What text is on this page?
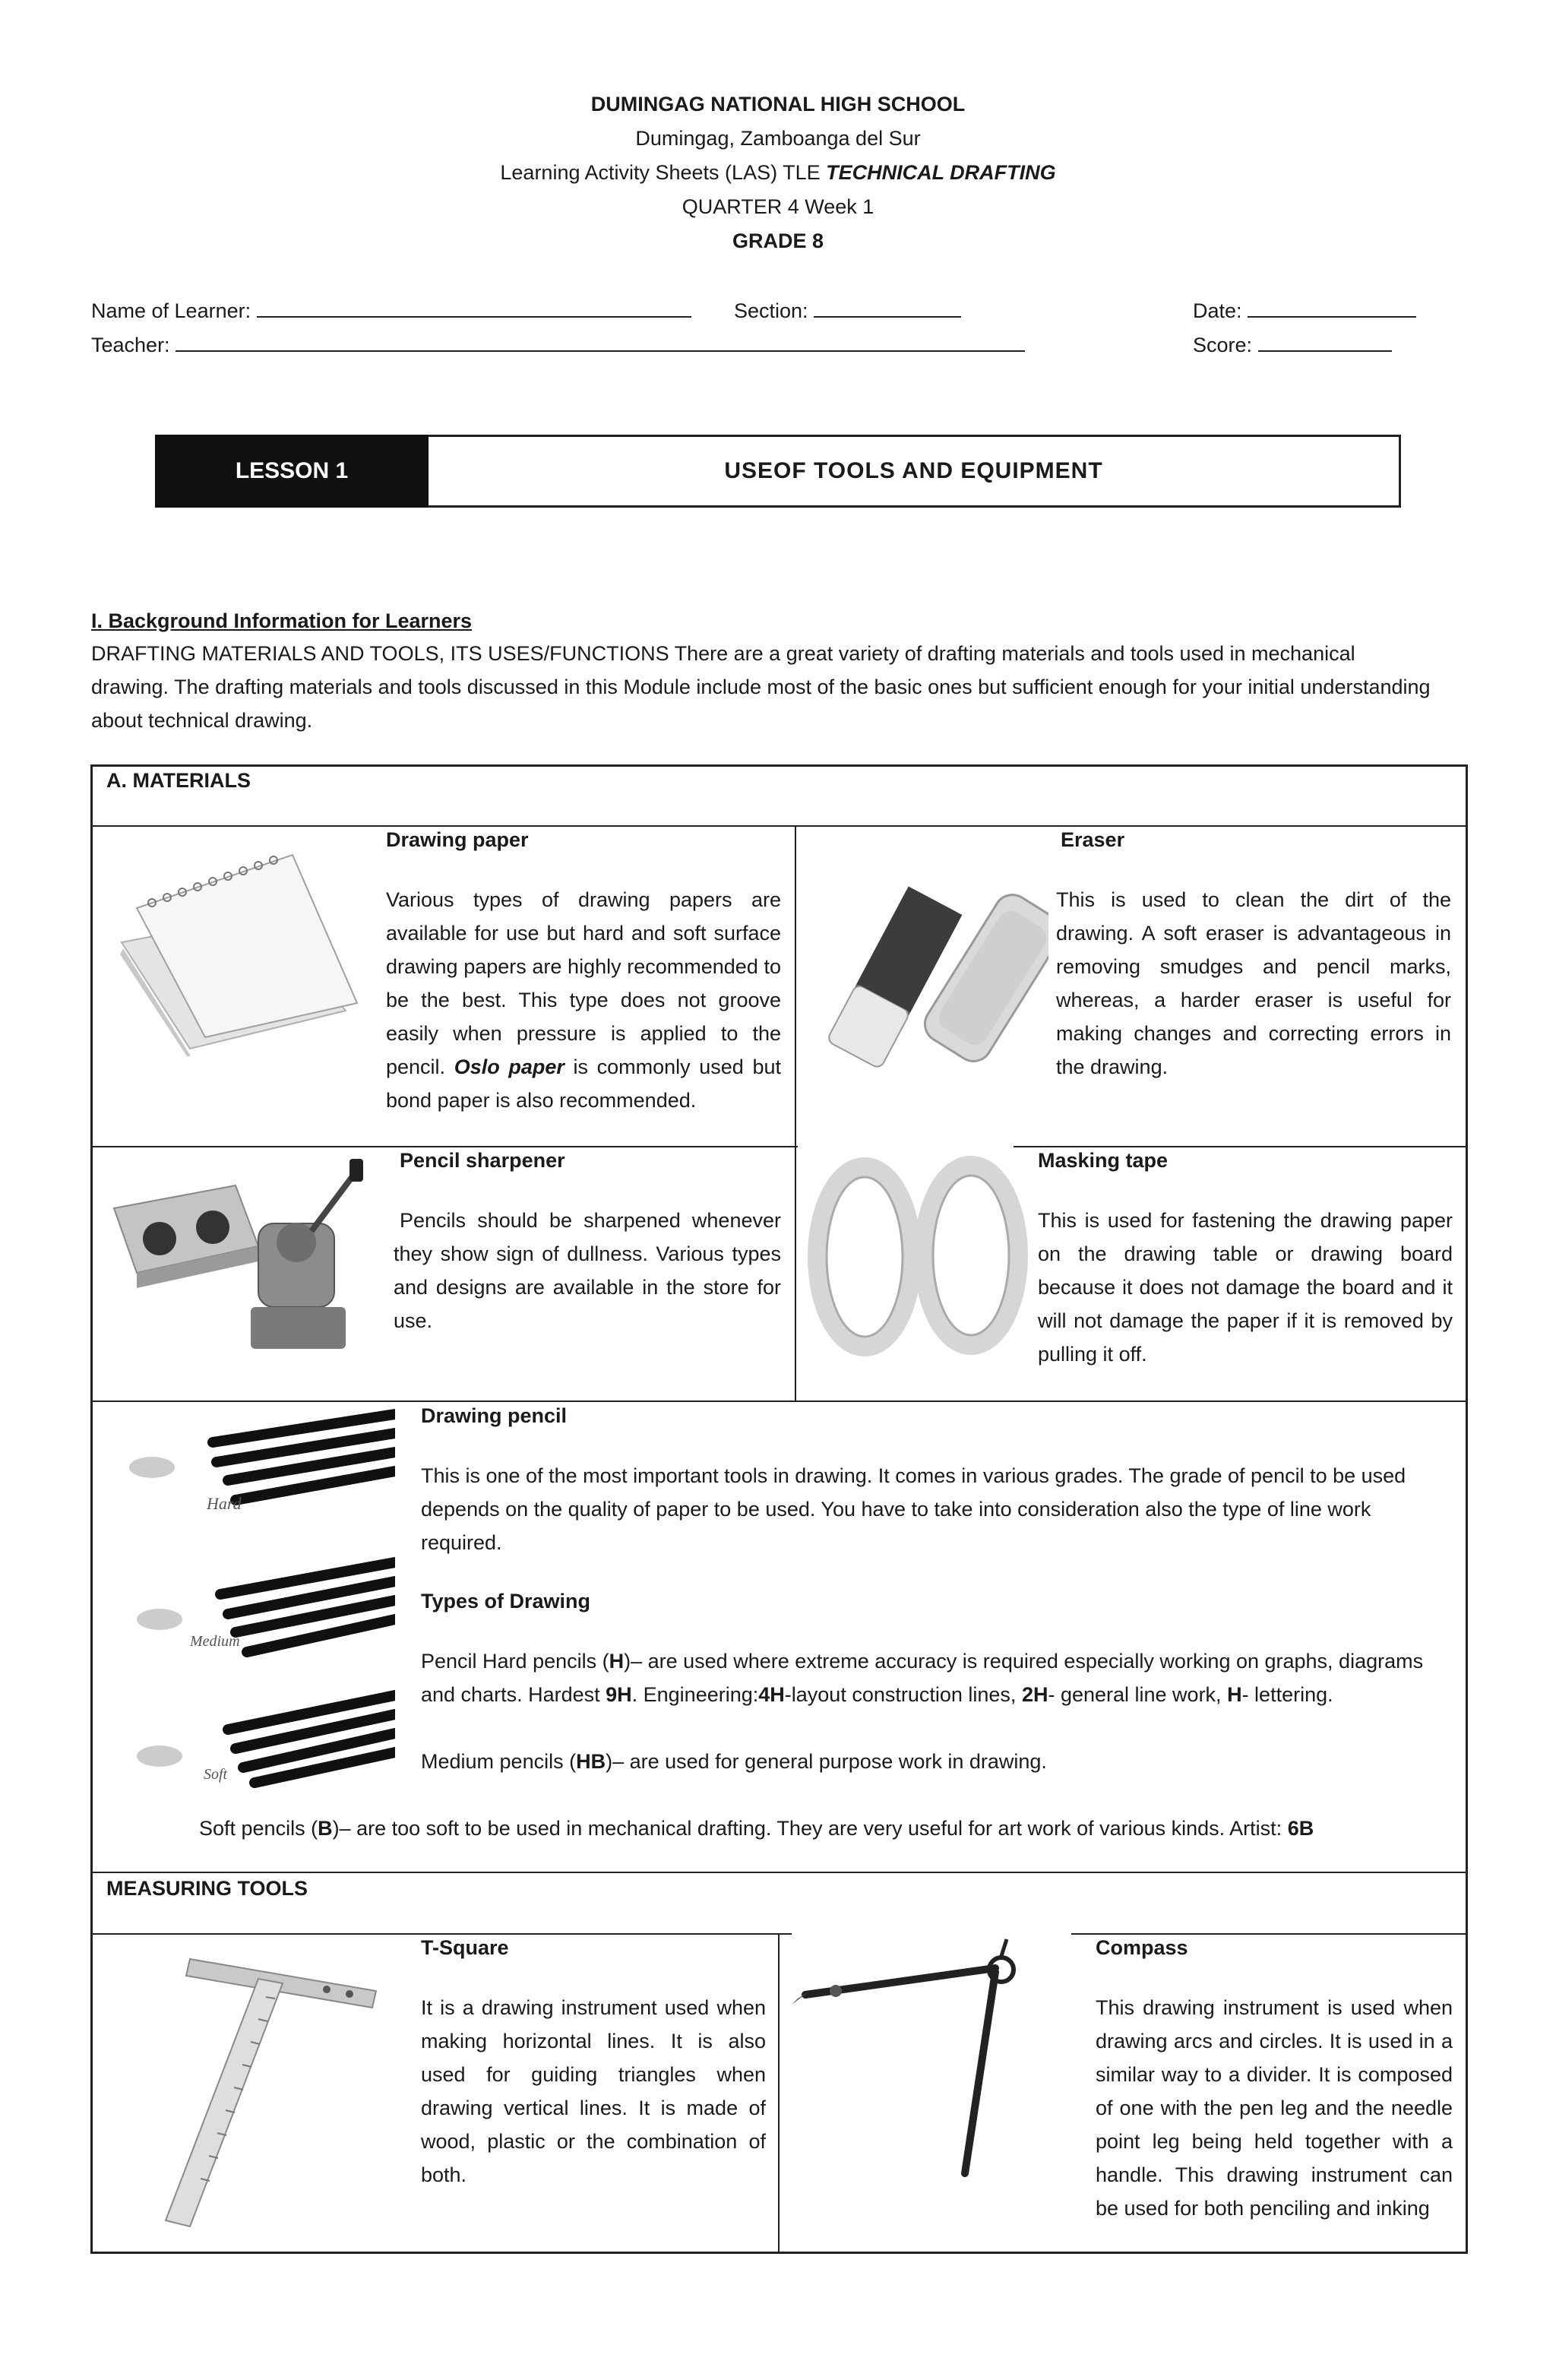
DUMINGAG NATIONAL HIGH SCHOOL
Dumingag, Zamboanga del Sur
Learning Activity Sheets (LAS) TLE TECHNICAL DRAFTING
QUARTER 4 Week 1
GRADE 8
Name of Learner:	Section:	Date:
Teacher:	Score:
LESSON 1	USEOF TOOLS AND EQUIPMENT
I. Background Information for Learners
DRAFTING MATERIALS AND TOOLS, ITS USES/FUNCTIONS There are a great variety of drafting materials and tools used in mechanical
drawing. The drafting materials and tools discussed in this Module include most of the basic ones but sufficient enough for your initial understanding
about technical drawing.
A. MATERIALS
Drawing paper
Various types of drawing papers are available for use but hard and soft surface drawing papers are highly recommended to be the best. This type does not groove easily when pressure is applied to the pencil. Oslo paper is commonly used but bond paper is also recommended.
Eraser
This is used to clean the dirt of the drawing. A soft eraser is advantageous in removing smudges and pencil marks, whereas, a harder eraser is useful for making changes and correcting errors in the drawing.
Pencil sharpener
Pencils should be sharpened whenever they show sign of dullness. Various types and designs are available in the store for use.
Masking tape
This is used for fastening the drawing paper on the drawing table or drawing board because it does not damage the board and it will not damage the paper if it is removed by pulling it off.
Hard
Medium
Soft
Drawing pencil
This is one of the most important tools in drawing. It comes in various grades. The grade of pencil to be used depends on the quality of paper to be used. You have to take into consideration also the type of line work required.
Types of Drawing
Pencil Hard pencils (H)– are used where extreme accuracy is required especially working on graphs, diagrams and charts. Hardest 9H. Engineering:4H-layout construction lines, 2H- general line work, H- lettering.
Medium pencils (HB)– are used for general purpose work in drawing.
Soft pencils (B)– are too soft to be used in mechanical drafting. They are very useful for art work of various kinds. Artist: 6B
MEASURING TOOLS
T-Square
It is a drawing instrument used when making horizontal lines. It is also used for guiding triangles when drawing vertical lines. It is made of wood, plastic or the combination of both.
Compass
This drawing instrument is used when drawing arcs and circles. It is used in a similar way to a divider. It is composed of one with the pen leg and the needle point leg being held together with a handle. This drawing instrument can be used for both penciling and inking
